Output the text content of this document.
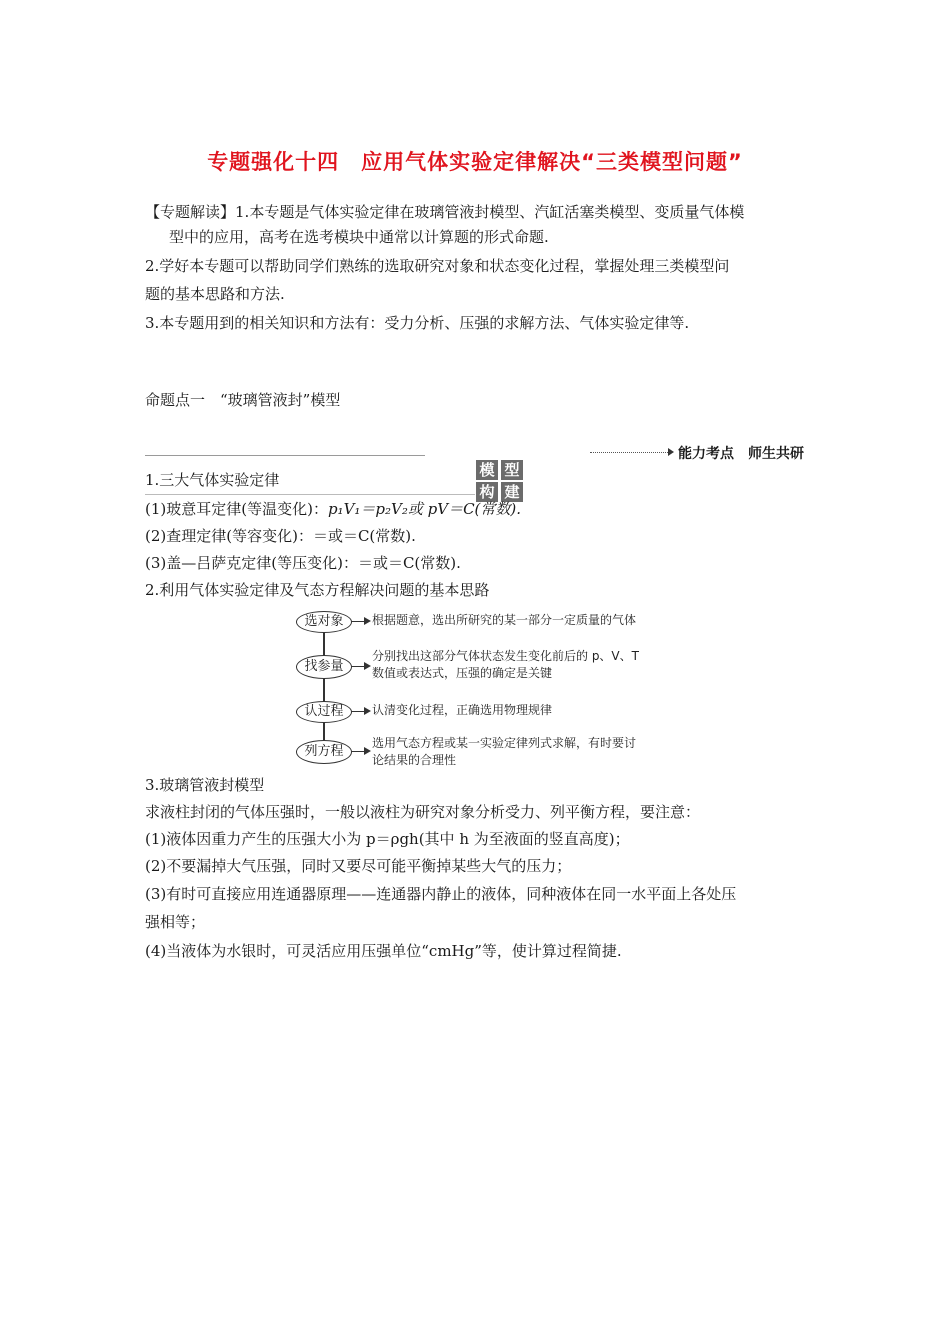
专题强化十四　应用气体实验定律解决“三类模型问题”
【专题解读】1.本专题是气体实验定律在玻璃管液封模型、汽缸活塞类模型、变质量气体模
型中的应用，高考在选考模块中通常以计算题的形式命题.
2.学好本专题可以帮助同学们熟练的选取研究对象和状态变化过程，掌握处理三类模型问
题的基本思路和方法.
3.本专题用到的相关知识和方法有：受力分析、压强的求解方法、气体实验定律等.
命题点一　“玻璃管液封”模型
能力考点　师生共研
模 型
构 建
1.三大气体实验定律
(1)玻意耳定律(等温变化)：p₁V₁＝p₂V₂或 pV＝C(常数).
(2)查理定律(等容变化)：＝或＝C(常数).
(3)盖—吕萨克定律(等压变化)：＝或＝C(常数).
2.利用气体实验定律及气态方程解决问题的基本思路
选对象	根据题意，选出所研究的某一部分一定质量的气体
找参量
分别找出这部分气体状态发生变化前后的 p、V、T
数值或表达式，压强的确定是关键
认过程	认清变化过程，正确选用物理规律
列方程
选用气态方程或某一实验定律列式求解，有时要讨
论结果的合理性
3.玻璃管液封模型
求液柱封闭的气体压强时，一般以液柱为研究对象分析受力、列平衡方程，要注意：
(1)液体因重力产生的压强大小为 p＝ρgh(其中 h 为至液面的竖直高度)；
(2)不要漏掉大气压强，同时又要尽可能平衡掉某些大气的压力；
(3)有时可直接应用连通器原理——连通器内静止的液体，同种液体在同一水平面上各处压
强相等；
(4)当液体为水银时，可灵活应用压强单位“cmHg”等，使计算过程简捷.
